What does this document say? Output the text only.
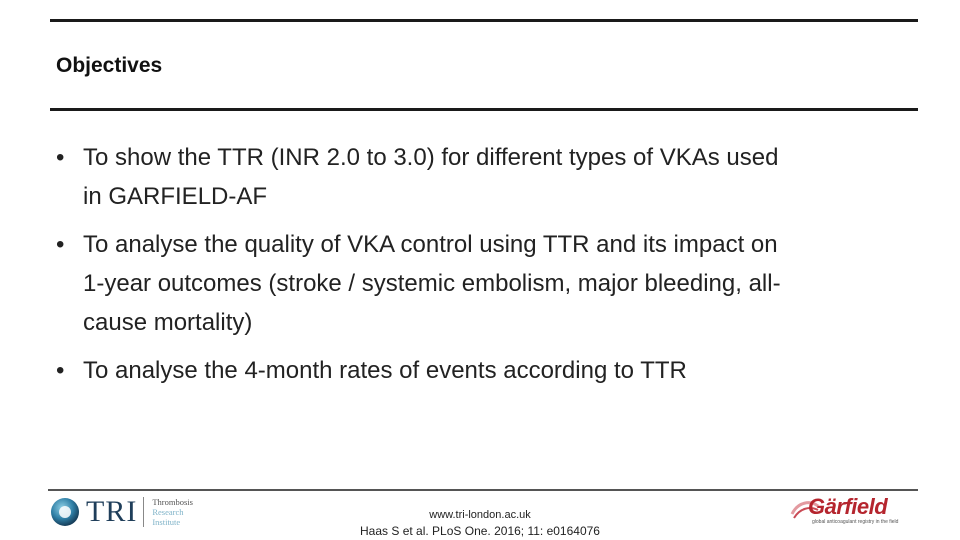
Objectives
• To show the TTR (INR 2.0 to 3.0) for different types of VKAs used
in GARFIELD-AF
• To analyse the quality of VKA control using TTR and its impact on
1-year outcomes (stroke / systemic embolism, major bleeding, all-
cause mortality)
• To analyse the 4-month rates of events according to TTR
TRI Thrombosis
Research
Institute
www.tri-london.ac.uk
Haas S et al. PLoS One. 2016; 11: e0164076
Gärfield
global anticoagulant registry in the field
